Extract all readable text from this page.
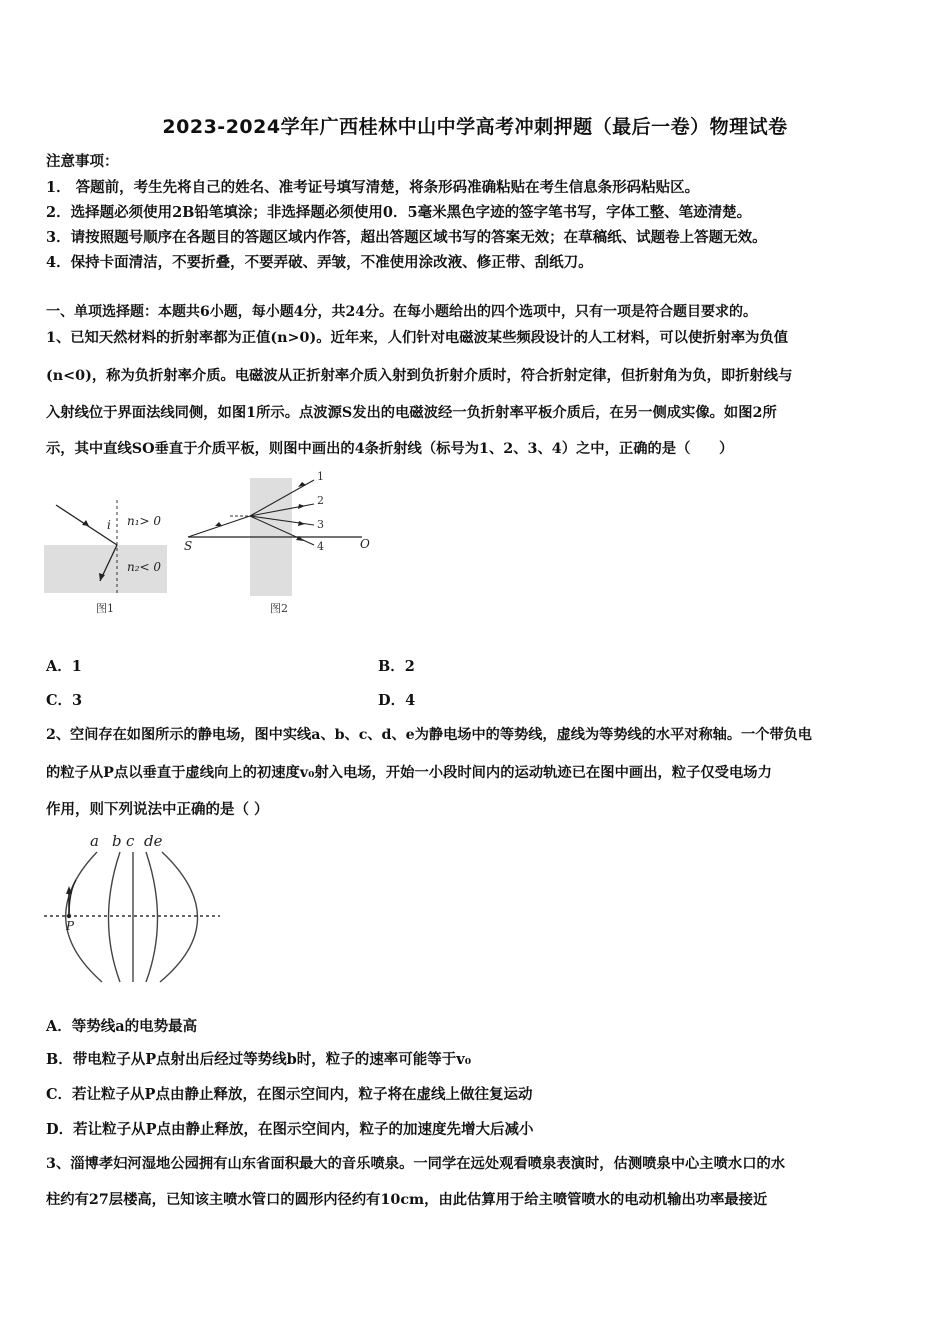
2023-2024学年广西桂林中山中学高考冲刺押题（最后一卷）物理试卷
注意事项：
1． 答题前，考生先将自己的姓名、准考证号填写清楚，将条形码准确粘贴在考生信息条形码粘贴区。
2．选择题必须使用2B铅笔填涂；非选择题必须使用0．5毫米黑色字迹的签字笔书写，字体工整、笔迹清楚。
3．请按照题号顺序在各题目的答题区域内作答，超出答题区域书写的答案无效；在草稿纸、试题卷上答题无效。
4．保持卡面清洁，不要折叠，不要弄破、弄皱，不准使用涂改液、修正带、刮纸刀。
一、单项选择题：本题共6小题，每小题4分，共24分。在每小题给出的四个选项中，只有一项是符合题目要求的。
1、已知天然材料的折射率都为正值(n>0)。近年来，人们针对电磁波某些频段设计的人工材料，可以使折射率为负值
(n<0)，称为负折射率介质。电磁波从正折射率介质入射到负折射介质时，符合折射定律，但折射角为负，即折射线与
入射线位于界面法线同侧，如图1所示。点波源S发出的电磁波经一负折射率平板介质后，在另一侧成实像。如图2所
示，其中直线SO垂直于介质平板，则图中画出的4条折射线（标号为1、2、3、4）之中，正确的是（　　）
i n₁> 0
n₂< 0
图1
1
2
3
4
S	O
图2
A．1	B．2
C．3	D．4
2、空间存在如图所示的静电场，图中实线a、b、c、d、e为静电场中的等势线，虚线为等势线的水平对称轴。一个带负电
的粒子从P点以垂直于虚线向上的初速度v₀射入电场，开始一小段时间内的运动轨迹已在图中画出，粒子仅受电场力
作用，则下列说法中正确的是（ ）
a b c de
P
A．等势线a的电势最高
B．带电粒子从P点射出后经过等势线b时，粒子的速率可能等于v₀
C．若让粒子从P点由静止释放，在图示空间内，粒子将在虚线上做往复运动
D．若让粒子从P点由静止释放，在图示空间内，粒子的加速度先增大后减小
3、淄博孝妇河湿地公园拥有山东省面积最大的音乐喷泉。一同学在远处观看喷泉表演时，估测喷泉中心主喷水口的水
柱约有27层楼高，已知该主喷水管口的圆形内径约有10cm，由此估算用于给主喷管喷水的电动机输出功率最接近
